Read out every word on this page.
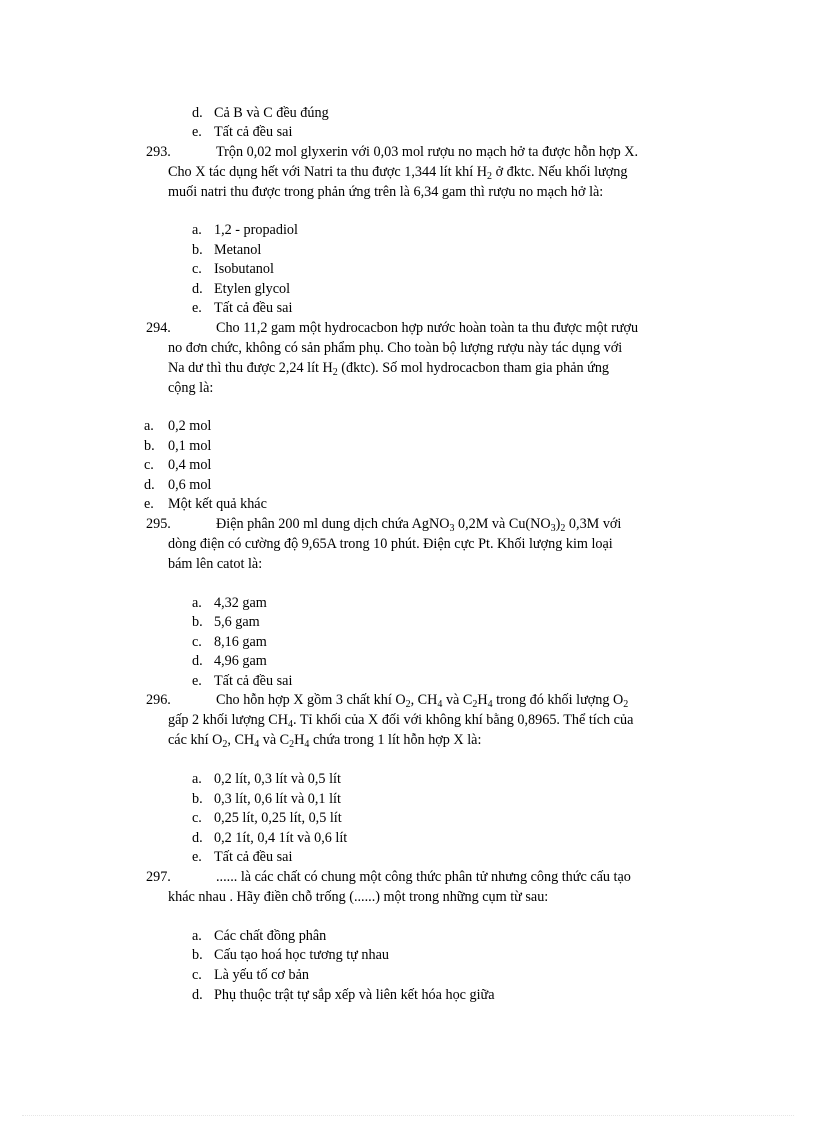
d. Cả B và C đều đúng
e. Tất cả đều sai
293.	Trộn 0,02 mol glyxerin với 0,03 mol rượu no mạch hở ta được hỗn hợp X.
Cho X tác dụng hết với Natri ta thu được 1,344 lít khí $H_2$ ở đktc. Nếu khối lượng
muối natri thu được trong phản ứng trên là 6,34 gam thì rượu no mạch hở là:
a. 1,2 - propadiol
b. Metanol
c. Isobutanol
d. Etylen glycol
e. Tất cả đều sai
294.	Cho 11,2 gam một hydrocacbon hợp nước hoàn toàn ta thu được một rượu
no đơn chức, không có sản phẩm phụ. Cho toàn bộ lượng rượu này tác dụng với
Na dư thì thu được 2,24 lít $H_2$ (đktc). Số mol hydrocacbon tham gia phản ứng
cộng là:
a. 0,2 mol
b. 0,1 mol
c. 0,4 mol
d. 0,6 mol
e. Một kết quả khác
295.	Điện phân 200 ml dung dịch chứa AgNO$_3$ 0,2M và $Cu(NO_3)_2$ 0,3M với
dòng điện có cường độ 9,65A trong 10 phút. Điện cực Pt. Khối lượng kim loại
bám lên catot là:
a. 4,32 gam
b. 5,6 gam
c. 8,16 gam
d. 4,96 gam
e. Tất cả đều sai
296.	Cho hỗn hợp X gồm 3 chất khí $O_2$, $CH_4$ và $C_2H_4$ trong đó khối lượng $O_2$
gấp 2 khối lượng $CH_4$. Tỉ khối của X đối với không khí bằng 0,8965. Thể tích của
các khí $O_2$, $CH_4$ và $C_2H_4$ chứa trong 1 lít hỗn hợp X là:
a. 0,2 lít, 0,3 lít và 0,5 lít
b. 0,3 lít, 0,6 lít và 0,1 lít
c. 0,25 lít, 0,25 lít, 0,5 lít
d. 0,2 1ít, 0,4 1ít và 0,6 lít
e. Tất cả đều sai
297.	...... là các chất có chung một công thức phân tử nhưng công thức cấu tạo
khác nhau . Hãy điền chỗ trống (......) một trong những cụm từ sau:
a. Các chất đồng phân
b. Cấu tạo hoá học tương tự nhau
c. Là yếu tố cơ bản
d. Phụ thuộc trật tự sắp xếp và liên kết hóa học giữa
